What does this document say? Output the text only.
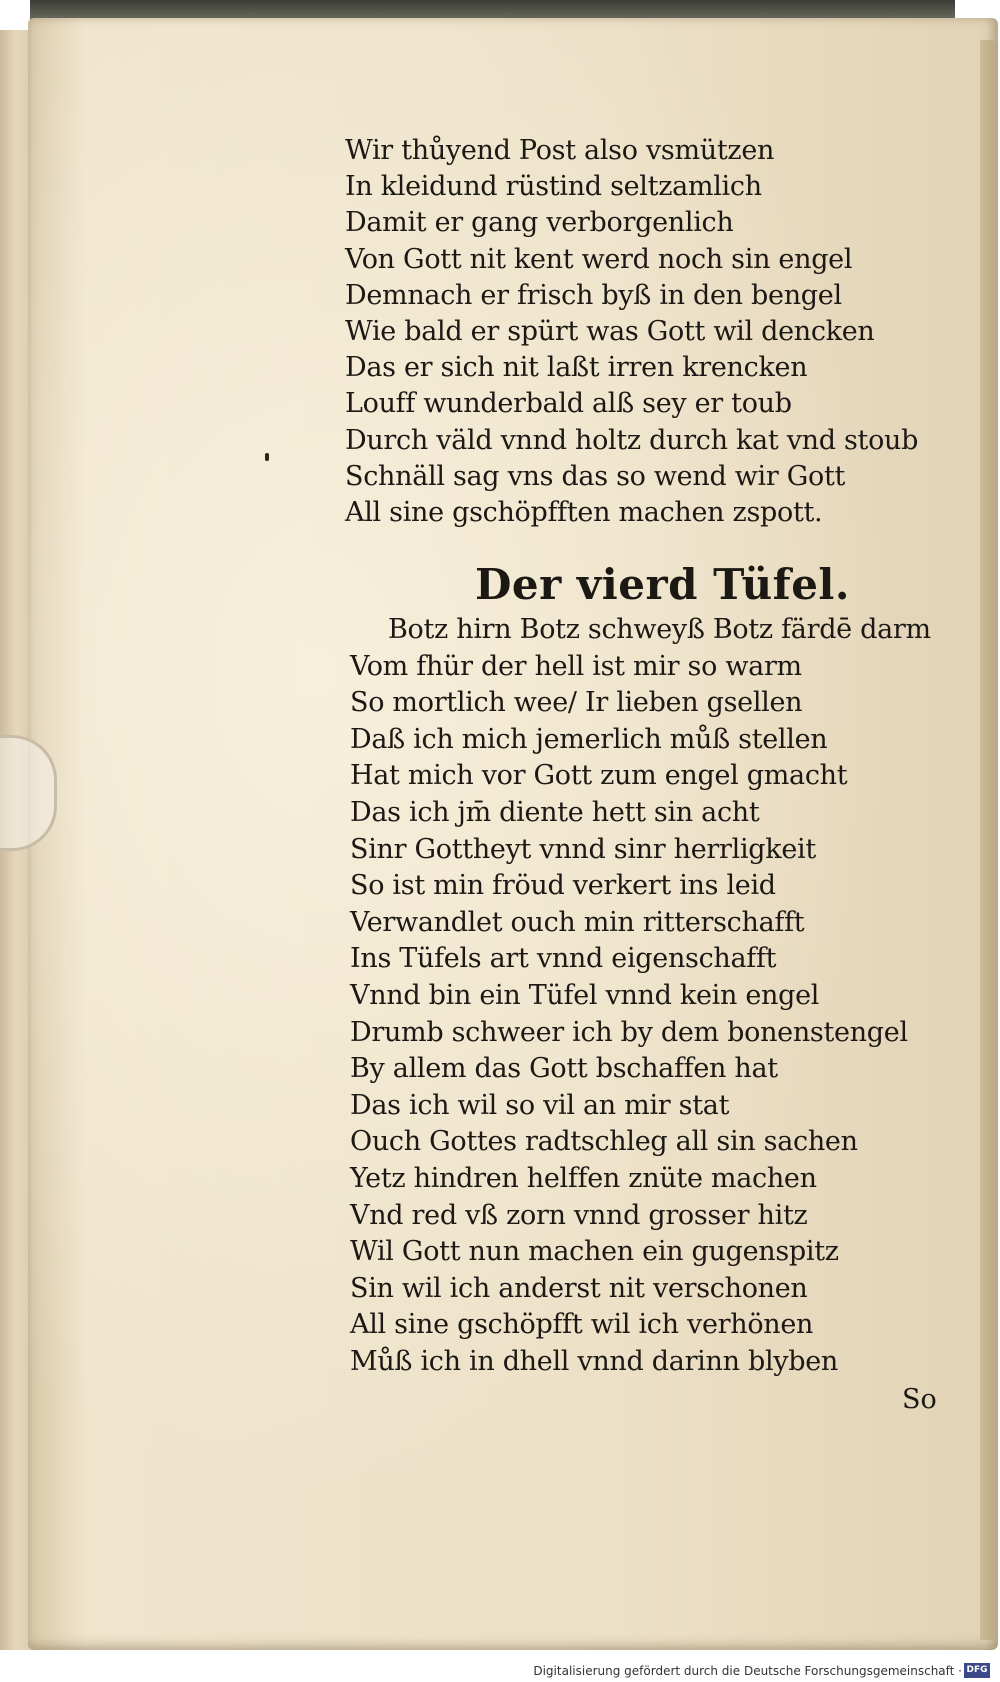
Wir thůyend Post also vsmützen
In kleidund rüstind seltzamlich
Damit er gang verborgenlich
Von Gott nit kent werd noch sin engel
Demnach er frisch byß in den bengel
Wie bald er spürt was Gott wil dencken
Das er sich nit laßt irren krencken
Louff wunderbald alß sey er toub
Durch väld vnnd holtz durch kat vnd stoub
Schnäll sag vns das so wend wir Gott
All sine gschöpfften machen zspott.
Der vierd Tüfel.
Botz hirn Botz schweyß Botz färdē darm
Vom fhür der hell ist mir so warm
So mortlich wee/ Ir lieben gsellen
Daß ich mich jemerlich můß stellen
Hat mich vor Gott zum engel gmacht
Das ich jm̄ diente hett sin acht
Sinr Gottheyt vnnd sinr herrligkeit
So ist min fröud verkert ins leid
Verwandlet ouch min ritterschafft
Ins Tüfels art vnnd eigenschafft
Vnnd bin ein Tüfel vnnd kein engel
Drumb schweer ich by dem bonenstengel
By allem das Gott bschaffen hat
Das ich wil so vil an mir stat
Ouch Gottes radtschleg all sin sachen
Yetz hindren helffen znüte machen
Vnd red vß zorn vnnd grosser hitz
Wil Gott nun machen ein gugenspitz
Sin wil ich anderst nit verschonen
All sine gschöpfft wil ich verhönen
Můß ich in dhell vnnd darinn blyben
So
Digitalisierung gefördert durch die Deutsche Forschungsgemeinschaft · DFG
